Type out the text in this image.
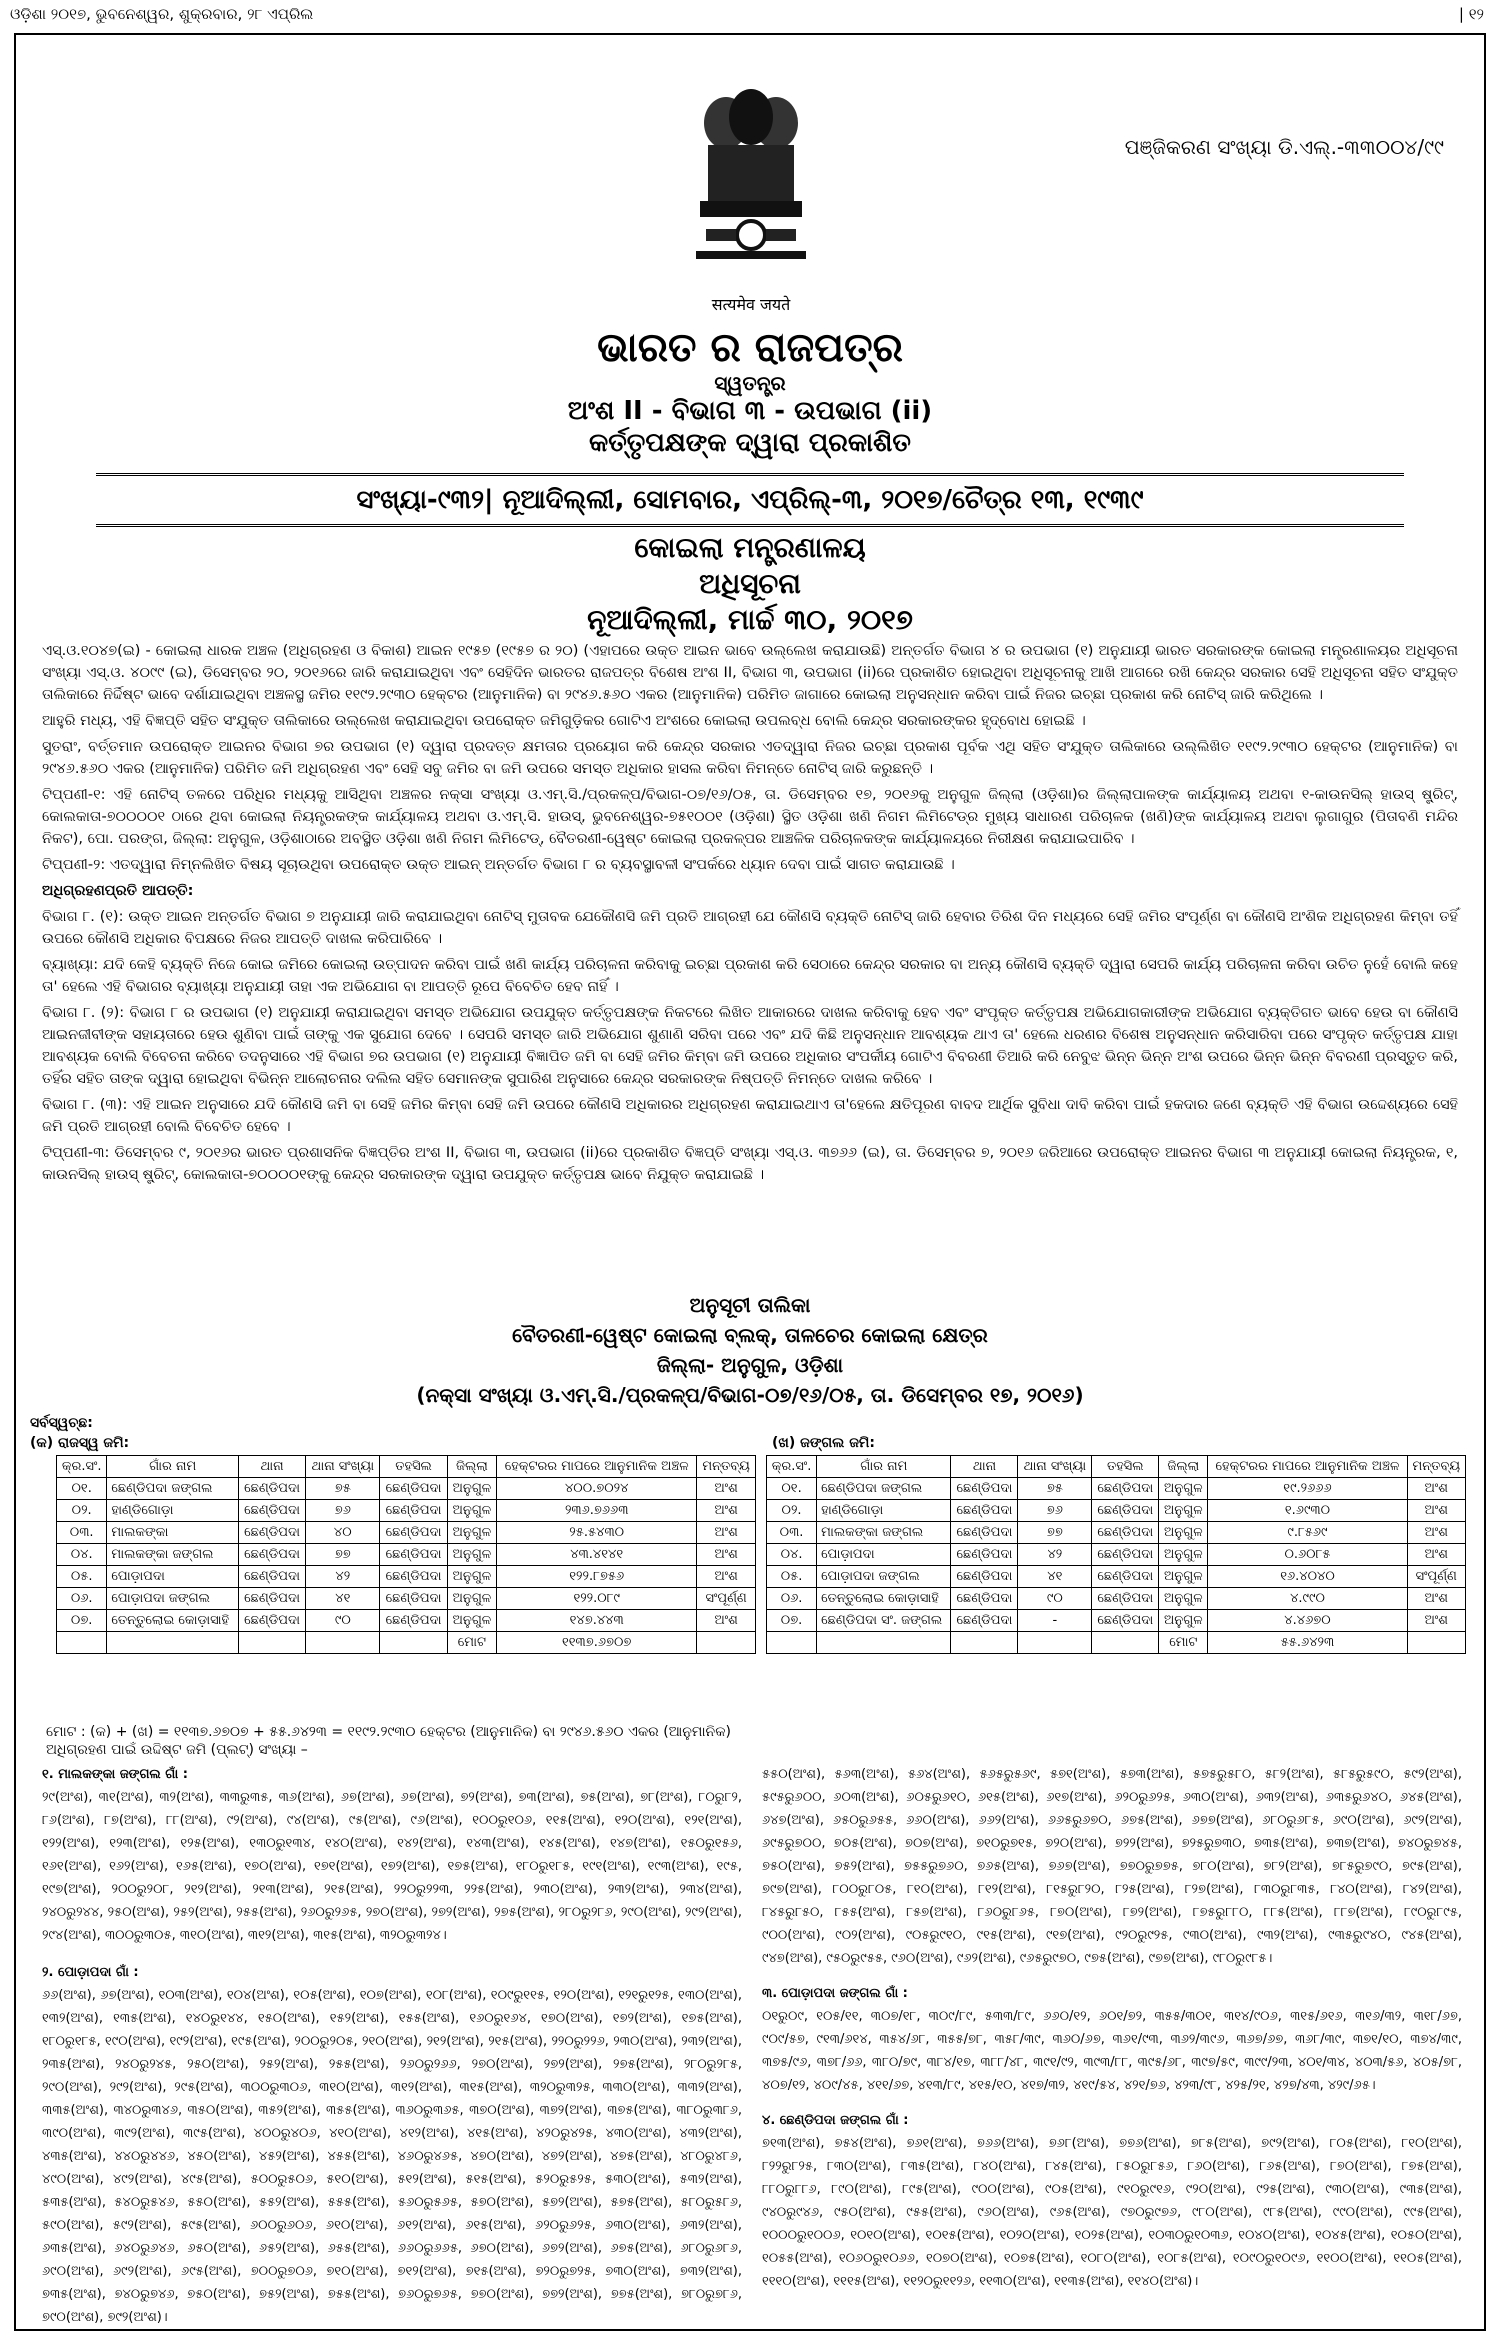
ଓଡ଼ିଶା ୨୦୧୭, ଭୁବନେଶ୍ୱର, ଶୁକ୍ରବାର, ୨୮ ଏପ୍ରିଲ	| ୧୨
सत्यमेव जयते
ପଞ୍ଜିକରଣ ସଂଖ୍ୟା ଡି.ଏଲ୍.-୩୩୦୦୪/୯୯
ଭାରତ ର ରାଜପତ୍ର
ସ୍ୱତନ୍ତ୍ର
ଅଂଶ II - ବିଭାଗ ୩ - ଉପଭାଗ (ii)
କର୍ତ୍ତୃପକ୍ଷଙ୍କ ଦ୍ୱାରା ପ୍ରକାଶିତ
ସଂଖ୍ୟା-୯୩୨| ନୂଆଦିଲ୍ଲୀ, ସୋମବାର, ଏପ୍ରିଲ୍-୩, ୨୦୧୭/ଚୈତ୍ର ୧୩, ୧୯୩୯
କୋଇଲା ମନ୍ତ୍ରଣାଳୟ
ଅଧିସୂଚନା
ନୂଆଦିଲ୍ଲୀ, ମାର୍ଚ୍ଚ ୩୦, ୨୦୧୭

ଏସ୍.ଓ.୧୦୪୭(ଇ) - କୋଇଲା ଧାରକ ଅଞ୍ଚଳ (ଅଧିଗ୍ରହଣ ଓ ବିକାଶ) ଆଇନ ୧୯୫୭ (୧୯୫୭ ର ୨୦) (ଏହାପରେ ଉକ୍ତ ଆଇନ ଭାବେ ଉଲ୍ଲେଖ କରାଯାଉଛି) ଅନ୍ତର୍ଗତ ବିଭାଗ ୪ ର ଉପଭାଗ (୧) ଅନୁଯାୟୀ ଭାରତ ସରକାରଙ୍କ କୋଇଲା ମନ୍ତ୍ରଣାଳୟର ଅଧିସୂଚନା ସଂଖ୍ୟା ଏସ୍.ଓ. ୪୦୯୯ (ଇ), ଡିସେମ୍ବର ୨୦, ୨୦୧୬ରେ ଜାରି କରାଯାଇଥିବା ଏବଂ ସେହିଦିନ ଭାରତର ରାଜପତ୍ର ବିଶେଷ ଅଂଶ II, ବିଭାଗ ୩, ଉପଭାଗ (ii)ରେ ପ୍ରକାଶିତ ହୋଇଥିବା ଅଧିସୂଚନାକୁ ଆଖି ଆଗରେ ରଖି କେନ୍ଦ୍ର ସରକାର ସେହି ଅଧିସୂଚନା ସହିତ ସଂଯୁକ୍ତ ତାଲିକାରେ ନିର୍ଦ୍ଦିଷ୍ଟ ଭାବେ ଦର୍ଶାଯାଇଥିବା ଅଞ୍ଚଳସ୍ଥ ଜମିର ୧୧୯୨.୨୯୩୦ ହେକ୍ଟର (ଆନୁମାନିକ) ବା ୨୯୪୬.୫୬୦ ଏକର (ଆନୁମାନିକ) ପରିମିତ ଜାଗାରେ କୋଇଲା ଅନୁସନ୍ଧାନ କରିବା ପାଇଁ ନିଜର ଇଚ୍ଛା ପ୍ରକାଶ କରି ନୋଟିସ୍ ଜାରି କରିଥିଲେ ।

ଆହୁରି ମଧ୍ୟ, ଏହି ବିଜ୍ଞପ୍ତି ସହିତ ସଂଯୁକ୍ତ ତାଲିକାରେ ଉଲ୍ଲେଖ କରାଯାଇଥିବା ଉପରୋକ୍ତ ଜମିଗୁଡ଼ିକର ଗୋଟିଏ ଅଂଶରେ କୋଇଲା ଉପଲବ୍ଧ ବୋଲି କେନ୍ଦ୍ର ସରକାରଙ୍କର ହୃଦ୍‌ବୋଧ ହୋଇଛି ।

ସୁତରାଂ, ବର୍ତ୍ତମାନ ଉପରୋକ୍ତ ଆଇନର ବିଭାଗ ୭ର ଉପଭାଗ (୧) ଦ୍ୱାରା ପ୍ରଦତ୍ତ କ୍ଷମତାର ପ୍ରୟୋଗ କରି କେନ୍ଦ୍ର ସରକାର ଏତଦ୍ୱାରା ନିଜର ଇଚ୍ଛା ପ୍ରକାଶ ପୂର୍ବକ ଏଥି ସହିତ ସଂଯୁକ୍ତ ତାଲିକାରେ ଉଲ୍ଲିଖିତ ୧୧୯୨.୨୯୩୦ ହେକ୍ଟର (ଆନୁମାନିକ) ବା ୨୯୪୬.୫୬୦ ଏକର (ଆନୁମାନିକ) ପରିମିତ ଜମି ଅଧିଗ୍ରହଣ ଏବଂ ସେହି ସବୁ ଜମିର ବା ଜମି ଉପରେ ସମସ୍ତ ଅଧିକାର ହାସଲ କରିବା ନିମନ୍ତେ ନୋଟିସ୍ ଜାରି କରୁଛନ୍ତି ।

ଟିପ୍ପଣୀ-୧: ଏହି ନୋଟିସ୍ ତଳରେ ପରିଧିର ମଧ୍ୟକୁ ଆସିଥିବା ଅଞ୍ଚଳର ନକ୍ସା ସଂଖ୍ୟା ଓ.ଏମ୍.ସି./ପ୍ରକଳ୍ପ/ବିଭାଗ-୦୭/୧୬/୦୫, ତା. ଡିସେମ୍ବର ୧୭, ୨୦୧୬କୁ ଅନୁଗୁଳ ଜିଲ୍ଲା (ଓଡ଼ିଶା)ର ଜିଲ୍ଲାପାଳଙ୍କ କାର୍ଯ୍ୟାଳୟ ଅଥବା ୧-କାଉନସିଲ୍ ହାଉସ୍ ଷ୍ଟ୍ରିଟ୍, କୋଲକାତା-୭୦୦୦୦୧ ଠାରେ ଥିବା କୋଇଲା ନିୟନ୍ତ୍ରକଙ୍କ କାର୍ଯ୍ୟାଳୟ ଅଥବା ଓ.ଏମ୍.ସି. ହାଉସ୍, ଭୁବନେଶ୍ୱର-୭୫୧୦୦୧ (ଓଡ଼ିଶା) ସ୍ଥିତ ଓଡ଼ିଶା ଖଣି ନିଗମ ଲିମିଟେଡ୍ର ମୁଖ୍ୟ ସାଧାରଣ ପରିଚାଳକ (ଖଣି)ଙ୍କ କାର୍ଯ୍ୟାଳୟ ଅଥବା ଲୁଗାଗୁର (ପିତାବଣି ମନ୍ଦିର ନିକଟ), ପୋ. ପରଙ୍ଗ, ଜିଲ୍ଲା: ଅନୁଗୁଳ, ଓଡ଼ିଶାଠାରେ ଅବସ୍ଥିତ ଓଡ଼ିଶା ଖଣି ନିଗମ ଲିମିଟେଡ୍, ବୈତରଣୀ-ୱେଷ୍ଟ କୋଇଲା ପ୍ରକଳ୍ପର ଆଞ୍ଚଳିକ ପରିଚାଳକଙ୍କ କାର୍ଯ୍ୟାଳୟରେ ନିରୀକ୍ଷଣ କରାଯାଇପାରିବ ।

ଟିପ୍ପଣୀ-୨: ଏତଦ୍ୱାରା ନିମ୍ନଲିଖିତ ବିଷୟ ସୂଚାଉଥିବା ଉପରୋକ୍ତ ଉକ୍ତ ଆଇନ୍ ଅନ୍ତର୍ଗତ ବିଭାଗ ୮ ର ବ୍ୟବସ୍ଥାବଳୀ ସଂପର୍କରେ ଧ୍ୟାନ ଦେବା ପାଇଁ ସାଗତ କରାଯାଉଛି ।

ଅଧିଗ୍ରହଣପ୍ରତି ଆପତ୍ତି:

ବିଭାଗ ୮. (୧): ଉକ୍ତ ଆଇନ ଅନ୍ତର୍ଗତ ବିଭାଗ ୭ ଅନୁଯାୟୀ ଜାରି କରାଯାଇଥିବା ନୋଟିସ୍ ମୁତାବକ ଯେକୌଣସି ଜମି ପ୍ରତି ଆଗ୍ରହୀ ଯେ କୌଣସି ବ୍ୟକ୍ତି ନୋଟିସ୍ ଜାରି ହେବାର ତିରିଶ ଦିନ ମଧ୍ୟରେ ସେହି ଜମିର ସଂପୂର୍ଣ୍ଣ ବା କୌଣସି ଅଂଶିକ ଅଧିଗ୍ରହଣ କିମ୍ବା ତହିଁ ଉପରେ କୌଣସି ଅଧିକାର ବିପକ୍ଷରେ ନିଜର ଆପତ୍ତି ଦାଖଲ କରିପାରିବେ ।

ବ୍ୟାଖ୍ୟା: ଯଦି କେହି ବ୍ୟକ୍ତି ନିଜେ କୋଇ ଜମିରେ କୋଇଲା ଉତ୍ପାଦନ କରିବା ପାଇଁ ଖଣି କାର୍ଯ୍ୟ ପରିଚାଳନା କରିବାକୁ ଇଚ୍ଛା ପ୍ରକାଶ କରି ସେଠାରେ କେନ୍ଦ୍ର ସରକାର ବା ଅନ୍ୟ କୌଣସି ବ୍ୟକ୍ତି ଦ୍ୱାରା ସେପରି କାର୍ଯ୍ୟ ପରିଚାଳନା କରିବା ଉଚିତ ନୁହେଁ ବୋଲି କହେ ତା' ହେଲେ ଏହି ବିଭାଗର ବ୍ୟାଖ୍ୟା ଅନୁଯାୟୀ ତାହା ଏକ ଅଭିଯୋଗ ବା ଆପତ୍ତି ରୂପେ ବିବେଚିତ ହେବ ନାହିଁ ।

ବିଭାଗ ୮. (୨): ବିଭାଗ ୮ ର ଉପଭାଗ (୧) ଅନୁଯାୟୀ କରାଯାଇଥିବା ସମସ୍ତ ଅଭିଯୋଗ ଉପଯୁକ୍ତ କର୍ତ୍ତୃପକ୍ଷଙ୍କ ନିକଟରେ ଲିଖିତ ଆକାରରେ ଦାଖଲ କରିବାକୁ ହେବ ଏବଂ ସଂପୃକ୍ତ କର୍ତ୍ତୃପକ୍ଷ ଅଭିଯୋଗକାରୀଙ୍କ ଅଭିଯୋଗ ବ୍ୟକ୍ତିଗତ ଭାବେ ହେଉ ବା କୌଣସି ଆଇନଜୀବୀଙ୍କ ସହାୟତାରେ ହେଉ ଶୁଣିବା ପାଇଁ ତାଙ୍କୁ ଏକ ସୁଯୋଗ ଦେବେ । ସେପରି ସମସ୍ତ ଜାରି ଅଭିଯୋଗ ଶୁଣାଣି ସରିବା ପରେ ଏବଂ ଯଦି କିଛି ଅନୁସନ୍ଧାନ ଆବଶ୍ୟକ ଥାଏ ତା' ହେଲେ ଧରଣର ବିଶେଷ ଅନୁସନ୍ଧାନ କରିସାରିବା ପରେ ସଂପୃକ୍ତ କର୍ତ୍ତୃପକ୍ଷ ଯାହା ଆବଶ୍ୟକ ବୋଲି ବିବେଚନା କରିବେ ତଦନୁସାରେ ଏହି ବିଭାଗ ୭ର ଉପଭାଗ (୧) ଅନୁଯାୟୀ ବିଜ୍ଞାପିତ ଜମି ବା ସେହି ଜମିର କିମ୍ବା ଜମି ଉପରେ ଅଧିକାର ସଂପର୍କୀୟ ଗୋଟିଏ ବିବରଣୀ ତିଆରି କରି ନେବୁଝ ଭିନ୍ନ ଭିନ୍ନ ଅଂଶ ଉପରେ ଭିନ୍ନ ଭିନ୍ନ ବିବରଣୀ ପ୍ରସ୍ତୁତ କରି, ତହିଁର ସହିତ ତାଙ୍କ ଦ୍ୱାରା ହୋଇଥିବା ବିଭିନ୍ନ ଆଲୋଚନାର ଦଲିଲ ସହିତ ସେମାନଙ୍କ ସୁପାରିଶ ଅନୁସାରେ କେନ୍ଦ୍ର ସରକାରଙ୍କ ନିଷ୍ପତ୍ତି ନିମନ୍ତେ ଦାଖଲ କରିବେ ।

ବିଭାଗ ୮. (୩): ଏହି ଆଇନ ଅନୁସାରେ ଯଦି କୌଣସି ଜମି ବା ସେହି ଜମିର କିମ୍ବା ସେହି ଜମି ଉପରେ କୌଣସି ଅଧିକାରର ଅଧିଗ୍ରହଣ କରାଯାଇଥାଏ ତା'ହେଲେ କ୍ଷତିପୂରଣ ବାବଦ ଆର୍ଥିକ ସୁବିଧା ଦାବି କରିବା ପାଇଁ ହକଦାର ଜଣେ ବ୍ୟକ୍ତି ଏହି ବିଭାଗ ଉଦ୍ଦେଶ୍ୟରେ ସେହି ଜମି ପ୍ରତି ଆଗ୍ରହୀ ବୋଲି ବିବେଚିତ ହେବେ ।

ଟିପ୍ପଣୀ-୩: ଡିସେମ୍ବର ୯, ୨୦୧୬ର ଭାରତ ପ୍ରଶାସନିକ ବିଜ୍ଞପ୍ତିର ଅଂଶ II, ବିଭାଗ ୩, ଉପଭାଗ (ii)ରେ ପ୍ରକାଶିତ ବିଜ୍ଞପ୍ତି ସଂଖ୍ୟା ଏସ୍.ଓ. ୩୭୬୬ (ଇ), ତା. ଡିସେମ୍ବର ୭, ୨୦୧୬ ଜରିଆରେ ଉପରୋକ୍ତ ଆଇନର ବିଭାଗ ୩ ଅନୁଯାୟୀ କୋଇଲା ନିୟନ୍ତ୍ରକ, ୧, କାଉନସିଲ୍ ହାଉସ୍ ଷ୍ଟ୍ରିଟ୍, କୋଲକାତା-୭୦୦୦୦୧ଙ୍କୁ କେନ୍ଦ୍ର ସରକାରଙ୍କ ଦ୍ୱାରା ଉପଯୁକ୍ତ କର୍ତ୍ତୃପକ୍ଷ ଭାବେ ନିଯୁକ୍ତ କରାଯାଇଛି ।

ଅନୁସୂଚୀ ତାଲିକା
ବୈତରଣୀ-ୱେଷ୍ଟ କୋଇଲା ବ୍ଲକ୍, ତାଳଚେର କୋଇଲା କ୍ଷେତ୍ର
ଜିଲ୍ଲା- ଅନୁଗୁଳ, ଓଡ଼ିଶା
(ନକ୍ସା ସଂଖ୍ୟା ଓ.ଏମ୍.ସି./ପ୍ରକଳ୍ପ/ବିଭାଗ-୦୭/୧୬/୦୫, ତା. ଡିସେମ୍ବର ୧୭, ୨୦୧୬)
ସର୍ବସ୍ୱଚ୍ଛ:
(କ) ରାଜସ୍ୱ ଜମି:	(ଖ) ଜଙ୍ଗଲ ଜମି:
କ୍ର.ସଂ.	ଗାଁର ନାମ	ଥାନା	ଥାନା ସଂଖ୍ୟା	ତହସିଲ	ଜିଲ୍ଲା	ହେକ୍ଟରର ମାପରେ ଆନୁମାନିକ ଅଞ୍ଚଳ	ମନ୍ତବ୍ୟ
୦୧.	ଛେଣ୍ଡିପଦା ଜଙ୍ଗଲ	ଛେଣ୍ଡିପଦା	୭୫	ଛେଣ୍ଡିପଦା	ଅନୁଗୁଳ	୪୦୦.୭୦୨୪	ଅଂଶ
୦୨.	ହାଣ୍ଡିଗୋଡ଼ା	ଛେଣ୍ଡିପଦା	୭୬	ଛେଣ୍ଡିପଦା	ଅନୁଗୁଳ	୨୩୬.୭୬୬୩	ଅଂଶ
୦୩.	ମାଲକଙ୍କା	ଛେଣ୍ଡିପଦା	୪୦	ଛେଣ୍ଡିପଦା	ଅନୁଗୁଳ	୨୫.୫୪୩୦	ଅଂଶ
୦୪.	ମାଲକଙ୍କା ଜଙ୍ଗଲ	ଛେଣ୍ଡିପଦା	୭୭	ଛେଣ୍ଡିପଦା	ଅନୁଗୁଳ	୪୩.୪୧୪୧	ଅଂଶ
୦୫.	ପୋଡ଼ାପଦା	ଛେଣ୍ଡିପଦା	୪୨	ଛେଣ୍ଡିପଦା	ଅନୁଗୁଳ	୧୨୨.୮୭୫୬	ଅଂଶ
୦୬.	ପୋଡ଼ାପଦା ଜଙ୍ଗଲ	ଛେଣ୍ଡିପଦା	୪୧	ଛେଣ୍ଡିପଦା	ଅନୁଗୁଳ	୧୨୨.୦୮୯	ସଂପୂର୍ଣ୍ଣ
୦୭.	ତେନ୍ତୁଲୋଇ କୋଡ଼ାସାହି	ଛେଣ୍ଡିପଦା	୯୦	ଛେଣ୍ଡିପଦା	ଅନୁଗୁଳ	୧୪୭.୪୪୩	ଅଂଶ
					ମୋଟ	୧୧୩୭.୬୭୦୭	
କ୍ର.ସଂ.	ଗାଁର ନାମ	ଥାନା	ଥାନା ସଂଖ୍ୟା	ତହସିଲ	ଜିଲ୍ଲା	ହେକ୍ଟରର ମାପରେ ଆନୁମାନିକ ଅଞ୍ଚଳ	ମନ୍ତବ୍ୟ
୦୧.	ଛେଣ୍ଡିପଦା ଜଙ୍ଗଲ	ଛେଣ୍ଡିପଦା	୭୫	ଛେଣ୍ଡିପଦା	ଅନୁଗୁଳ	୧୯.୨୬୬୬	ଅଂଶ
୦୨.	ହାଣ୍ଡିଗୋଡ଼ା	ଛେଣ୍ଡିପଦା	୭୬	ଛେଣ୍ଡିପଦା	ଅନୁଗୁଳ	୧.୬୯୩୦	ଅଂଶ
୦୩.	ମାଲକଙ୍କା ଜଙ୍ଗଲ	ଛେଣ୍ଡିପଦା	୭୭	ଛେଣ୍ଡିପଦା	ଅନୁଗୁଳ	୯.୮୫୬୯	ଅଂଶ
୦୪.	ପୋଡ଼ାପଦା	ଛେଣ୍ଡିପଦା	୪୨	ଛେଣ୍ଡିପଦା	ଅନୁଗୁଳ	୦.୬୦୮୫	ଅଂଶ
୦୫.	ପୋଡ଼ାପଦା ଜଙ୍ଗଲ	ଛେଣ୍ଡିପଦା	୪୧	ଛେଣ୍ଡିପଦା	ଅନୁଗୁଳ	୧୬.୪୦୪୦	ସଂପୂର୍ଣ୍ଣ
୦୬.	ତେନ୍ତୁଲୋଇ କୋଡ଼ାସାହି	ଛେଣ୍ଡିପଦା	୯୦	ଛେଣ୍ଡିପଦା	ଅନୁଗୁଳ	୪.୯୯୦	ଅଂଶ
୦୭.	ଛେଣ୍ଡିପଦା ସଂ. ଜଙ୍ଗଲ	ଛେଣ୍ଡିପଦା	-	ଛେଣ୍ଡିପଦା	ଅନୁଗୁଳ	୪.୪୬୭୦	ଅଂଶ
					ମୋଟ	୫୫.୬୪୨୩	
ମୋଟ : (କ) + (ଖ) = ୧୧୩୭.୬୭୦୭ + ୫୫.୬୪୨୩ = ୧୧୯୨.୨୯୩୦ ହେକ୍ଟର (ଆନୁମାନିକ) ବା ୨୯୪୬.୫୬୦ ଏକର (ଆନୁମାନିକ)
ଅଧିଗ୍ରହଣ ପାଇଁ ଉଦ୍ଦିଷ୍ଟ ଜମି (ପ୍ଲଟ୍) ସଂଖ୍ୟା –
୧. ମାଲକଙ୍କା ଜଙ୍ଗଲ ଗାଁ :
୨୯(ଅଂଶ), ୩୧(ଅଂଶ), ୩୨(ଅଂଶ), ୩୩ରୁ୩୫, ୩୬(ଅଂଶ), ୬୭(ଅଂଶ), ୬୭(ଅଂଶ), ୭୨(ଅଂଶ), ୭୩(ଅଂଶ), ୭୫(ଅଂଶ), ୭୮(ଅଂଶ), ୮୦ରୁ୮୨, ୮୬(ଅଂଶ), ୮୭(ଅଂଶ), ୮୮(ଅଂଶ), ୯୨(ଅଂଶ), ୯୪(ଅଂଶ), ୯୫(ଅଂଶ), ୯୬(ଅଂଶ), ୧୦୦ରୁ୧୦୬, ୧୧୫(ଅଂଶ), ୧୨୦(ଅଂଶ), ୧୨୧(ଅଂଶ), ୧୨୨(ଅଂଶ), ୧୨୩(ଅଂଶ), ୧୨୫(ଅଂଶ), ୧୩୦ରୁ୧୩୪, ୧୪୦(ଅଂଶ), ୧୪୨(ଅଂଶ), ୧୪୩(ଅଂଶ), ୧୪୫(ଅଂଶ), ୧୪୭(ଅଂଶ), ୧୫୦ରୁ୧୫୬, ୧୬୧(ଅଂଶ), ୧୬୨(ଅଂଶ), ୧୬୫(ଅଂଶ), ୧୭୦(ଅଂଶ), ୧୭୧(ଅଂଶ), ୧୭୨(ଅଂଶ), ୧୭୫(ଅଂଶ), ୧୮୦ରୁ୧୮୫, ୧୯୧(ଅଂଶ), ୧୯୩(ଅଂଶ), ୧୯୫, ୧୯୭(ଅଂଶ), ୨୦୦ରୁ୨୦୮, ୨୧୨(ଅଂଶ), ୨୧୩(ଅଂଶ), ୨୧୫(ଅଂଶ), ୨୨୦ରୁ୨୨୩, ୨୨୫(ଅଂଶ), ୨୩୦(ଅଂଶ), ୨୩୨(ଅଂଶ), ୨୩୪(ଅଂଶ), ୨୪୦ରୁ୨୪୪, ୨୫୦(ଅଂଶ), ୨୫୨(ଅଂଶ), ୨୫୫(ଅଂଶ), ୨୬୦ରୁ୨୬୫, ୨୭୦(ଅଂଶ), ୨୭୨(ଅଂଶ), ୨୭୫(ଅଂଶ), ୨୮୦ରୁ୨୮୬, ୨୯୦(ଅଂଶ), ୨୯୨(ଅଂଶ), ୨୯୪(ଅଂଶ), ୩୦୦ରୁ୩୦୫, ୩୧୦(ଅଂଶ), ୩୧୨(ଅଂଶ), ୩୧୫(ଅଂଶ), ୩୨୦ରୁ୩୨୪।
୨. ପୋଡ଼ାପଦା ଗାଁ :
୬୬(ଅଂଶ), ୬୭(ଅଂଶ), ୧୦୩(ଅଂଶ), ୧୦୪(ଅଂଶ), ୧୦୫(ଅଂଶ), ୧୦୭(ଅଂଶ), ୧୦୮(ଅଂଶ), ୧୦୯ରୁ୧୧୫, ୧୨୦(ଅଂଶ), ୧୨୧ରୁ୧୨୫, ୧୩୦(ଅଂଶ), ୧୩୨(ଅଂଶ), ୧୩୫(ଅଂଶ), ୧୪୦ରୁ୧୪୪, ୧୫୦(ଅଂଶ), ୧୫୨(ଅଂଶ), ୧୫୫(ଅଂଶ), ୧୬୦ରୁ୧୬୪, ୧୭୦(ଅଂଶ), ୧୭୨(ଅଂଶ), ୧୭୫(ଅଂଶ), ୧୮୦ରୁ୧୮୫, ୧୯୦(ଅଂଶ), ୧୯୨(ଅଂଶ), ୧୯୫(ଅଂଶ), ୨୦୦ରୁ୨୦୫, ୨୧୦(ଅଂଶ), ୨୧୨(ଅଂଶ), ୨୧୫(ଅଂଶ), ୨୨୦ରୁ୨୨୬, ୨୩୦(ଅଂଶ), ୨୩୨(ଅଂଶ), ୨୩୫(ଅଂଶ), ୨୪୦ରୁ୨୪୫, ୨୫୦(ଅଂଶ), ୨୫୨(ଅଂଶ), ୨୫୫(ଅଂଶ), ୨୬୦ରୁ୨୬୬, ୨୭୦(ଅଂଶ), ୨୭୨(ଅଂଶ), ୨୭୫(ଅଂଶ), ୨୮୦ରୁ୨୮୫, ୨୯୦(ଅଂଶ), ୨୯୨(ଅଂଶ), ୨୯୫(ଅଂଶ), ୩୦୦ରୁ୩୦୬, ୩୧୦(ଅଂଶ), ୩୧୨(ଅଂଶ), ୩୧୫(ଅଂଶ), ୩୨୦ରୁ୩୨୫, ୩୩୦(ଅଂଶ), ୩୩୨(ଅଂଶ), ୩୩୫(ଅଂଶ), ୩୪୦ରୁ୩୪୬, ୩୫୦(ଅଂଶ), ୩୫୨(ଅଂଶ), ୩୫୫(ଅଂଶ), ୩୬୦ରୁ୩୬୫, ୩୭୦(ଅଂଶ), ୩୭୨(ଅଂଶ), ୩୭୫(ଅଂଶ), ୩୮୦ରୁ୩୮୬, ୩୯୦(ଅଂଶ), ୩୯୨(ଅଂଶ), ୩୯୫(ଅଂଶ), ୪୦୦ରୁ୪୦୬, ୪୧୦(ଅଂଶ), ୪୧୨(ଅଂଶ), ୪୧୫(ଅଂଶ), ୪୨୦ରୁ୪୨୫, ୪୩୦(ଅଂଶ), ୪୩୨(ଅଂଶ), ୪୩୫(ଅଂଶ), ୪୪୦ରୁ୪୪୬, ୪୫୦(ଅଂଶ), ୪୫୨(ଅଂଶ), ୪୫୫(ଅଂଶ), ୪୬୦ରୁ୪୬୫, ୪୭୦(ଅଂଶ), ୪୭୨(ଅଂଶ), ୪୭୫(ଅଂଶ), ୪୮୦ରୁ୪୮୬, ୪୯୦(ଅଂଶ), ୪୯୨(ଅଂଶ), ୪୯୫(ଅଂଶ), ୫୦୦ରୁ୫୦୬, ୫୧୦(ଅଂଶ), ୫୧୨(ଅଂଶ), ୫୧୫(ଅଂଶ), ୫୨୦ରୁ୫୨୫, ୫୩୦(ଅଂଶ), ୫୩୨(ଅଂଶ), ୫୩୫(ଅଂଶ), ୫୪୦ରୁ୫୪୬, ୫୫୦(ଅଂଶ), ୫୫୨(ଅଂଶ), ୫୫୫(ଅଂଶ), ୫୬୦ରୁ୫୬୫, ୫୭୦(ଅଂଶ), ୫୭୨(ଅଂଶ), ୫୭୫(ଅଂଶ), ୫୮୦ରୁ୫୮୬, ୫୯୦(ଅଂଶ), ୫୯୨(ଅଂଶ), ୫୯୫(ଅଂଶ), ୬୦୦ରୁ୬୦୬, ୬୧୦(ଅଂଶ), ୬୧୨(ଅଂଶ), ୬୧୫(ଅଂଶ), ୬୨୦ରୁ୬୨୫, ୬୩୦(ଅଂଶ), ୬୩୨(ଅଂଶ), ୬୩୫(ଅଂଶ), ୬୪୦ରୁ୬୪୬, ୬୫୦(ଅଂଶ), ୬୫୨(ଅଂଶ), ୬୫୫(ଅଂଶ), ୬୬୦ରୁ୬୬୫, ୬୭୦(ଅଂଶ), ୬୭୨(ଅଂଶ), ୬୭୫(ଅଂଶ), ୬୮୦ରୁ୬୮୬, ୬୯୦(ଅଂଶ), ୬୯୨(ଅଂଶ), ୬୯୫(ଅଂଶ), ୭୦୦ରୁ୭୦୬, ୭୧୦(ଅଂଶ), ୭୧୨(ଅଂଶ), ୭୧୫(ଅଂଶ), ୭୨୦ରୁ୭୨୫, ୭୩୦(ଅଂଶ), ୭୩୨(ଅଂଶ), ୭୩୫(ଅଂଶ), ୭୪୦ରୁ୭୪୬, ୭୫୦(ଅଂଶ), ୭୫୨(ଅଂଶ), ୭୫୫(ଅଂଶ), ୭୬୦ରୁ୭୬୫, ୭୭୦(ଅଂଶ), ୭୭୨(ଅଂଶ), ୭୭୫(ଅଂଶ), ୭୮୦ରୁ୭୮୬, ୭୯୦(ଅଂଶ), ୭୯୨(ଅଂଶ)।
୫୫୦(ଅଂଶ), ୫୬୩(ଅଂଶ), ୫୬୪(ଅଂଶ), ୫୬୫ରୁ୫୬୯, ୫୭୧(ଅଂଶ), ୫୭୩(ଅଂଶ), ୫୭୫ରୁ୫୮୦, ୫୮୨(ଅଂଶ), ୫୮୫ରୁ୫୯୦, ୫୯୨(ଅଂଶ), ୫୯୫ରୁ୬୦୦, ୬୦୩(ଅଂଶ), ୬୦୫ରୁ୬୧୦, ୬୧୫(ଅଂଶ), ୬୧୭(ଅଂଶ), ୬୨୦ରୁ୬୨୫, ୬୩୦(ଅଂଶ), ୬୩୨(ଅଂଶ), ୬୩୫ରୁ୬୪୦, ୬୪୫(ଅଂଶ), ୬୪୭(ଅଂଶ), ୬୫୦ରୁ୬୫୫, ୬୬୦(ଅଂଶ), ୬୬୨(ଅଂଶ), ୬୬୫ରୁ୬୭୦, ୬୭୫(ଅଂଶ), ୬୭୭(ଅଂଶ), ୬୮୦ରୁ୬୮୫, ୬୯୦(ଅଂଶ), ୬୯୨(ଅଂଶ), ୬୯୫ରୁ୭୦୦, ୭୦୫(ଅଂଶ), ୭୦୭(ଅଂଶ), ୭୧୦ରୁ୭୧୫, ୭୨୦(ଅଂଶ), ୭୨୨(ଅଂଶ), ୭୨୫ରୁ୭୩୦, ୭୩୫(ଅଂଶ), ୭୩୭(ଅଂଶ), ୭୪୦ରୁ୭୪୫, ୭୫୦(ଅଂଶ), ୭୫୨(ଅଂଶ), ୭୫୫ରୁ୭୬୦, ୭୬୫(ଅଂଶ), ୭୬୭(ଅଂଶ), ୭୭୦ରୁ୭୭୫, ୭୮୦(ଅଂଶ), ୭୮୨(ଅଂଶ), ୭୮୫ରୁ୭୯୦, ୭୯୫(ଅଂଶ), ୭୯୭(ଅଂଶ), ୮୦୦ରୁ୮୦୫, ୮୧୦(ଅଂଶ), ୮୧୨(ଅଂଶ), ୮୧୫ରୁ୮୨୦, ୮୨୫(ଅଂଶ), ୮୨୭(ଅଂଶ), ୮୩୦ରୁ୮୩୫, ୮୪୦(ଅଂଶ), ୮୪୨(ଅଂଶ), ୮୪୫ରୁ୮୫୦, ୮୫୫(ଅଂଶ), ୮୫୭(ଅଂଶ), ୮୬୦ରୁ୮୬୫, ୮୭୦(ଅଂଶ), ୮୭୨(ଅଂଶ), ୮୭୫ରୁ୮୮୦, ୮୮୫(ଅଂଶ), ୮୮୭(ଅଂଶ), ୮୯୦ରୁ୮୯୫, ୯୦୦(ଅଂଶ), ୯୦୨(ଅଂଶ), ୯୦୫ରୁ୯୧୦, ୯୧୫(ଅଂଶ), ୯୧୭(ଅଂଶ), ୯୨୦ରୁ୯୨୫, ୯୩୦(ଅଂଶ), ୯୩୨(ଅଂଶ), ୯୩୫ରୁ୯୪୦, ୯୪୫(ଅଂଶ), ୯୪୭(ଅଂଶ), ୯୫୦ରୁ୯୫୫, ୯୬୦(ଅଂଶ), ୯୬୨(ଅଂଶ), ୯୬୫ରୁ୯୭୦, ୯୭୫(ଅଂଶ), ୯୭୭(ଅଂଶ), ୯୮୦ରୁ୯୮୫।
୩. ପୋଡ଼ାପଦା ଜଙ୍ଗଲ ଗାଁ :
୦୧ରୁ୦୯, ୧୦୫/୧୧, ୩୦୭/୧୮, ୩୦୯/୮୯, ୫୩୩/୮୯, ୬୬୦/୧୨, ୬୦୧/୭୨, ୩୫୫/୩୦୧, ୩୧୪/୯୦୬, ୩୧୫/୬୧୬, ୩୧୬/୩୨, ୩୧୮/୬୭, ୯୦୯/୫୭, ୯୧୩/୬୧୪, ୩୫୪/୬୮, ୩୫୫/୭୮, ୩୫୮/୩୯, ୩୬୦/୬୭, ୩୬୧/୯୩, ୩୬୨/୩୯୬, ୩୬୭/୬୭, ୩୬୮/୩୯, ୩୭୧/୧୦, ୩୭୪/୩୯, ୩୭୫/୯୬, ୩୭୮/୬୬, ୩୮୦/୭୯, ୩୮୪/୧୭, ୩୮୮/୪୮, ୩୯୧/୯୨, ୩୯୩/୮୮, ୩୯୫/୬୮, ୩୯୭/୫୯, ୩୯୯/୨୩, ୪୦୧/୩୪, ୪୦୩/୫୬, ୪୦୫/୭୮, ୪୦୭/୧୨, ୪୦୯/୪୫, ୪୧୧/୬୭, ୪୧୩/୮୯, ୪୧୫/୧୦, ୪୧୭/୩୨, ୪୧୯/୫୪, ୪୨୧/୭୬, ୪୨୩/୯୮, ୪୨୫/୨୧, ୪୨୭/୪୩, ୪୨୯/୬୫।
୪. ଛେଣ୍ଡିପଦା ଜଙ୍ଗଲ ଗାଁ :
୭୧୩(ଅଂଶ), ୭୫୪(ଅଂଶ), ୭୬୧(ଅଂଶ), ୭୬୬(ଅଂଶ), ୭୬୮(ଅଂଶ), ୭୭୬(ଅଂଶ), ୭୮୫(ଅଂଶ), ୭୯୨(ଅଂଶ), ୮୦୫(ଅଂଶ), ୮୧୦(ଅଂଶ), ୮୨୨ରୁ୮୨୫, ୮୩୦(ଅଂଶ), ୮୩୫(ଅଂଶ), ୮୪୦(ଅଂଶ), ୮୪୫(ଅଂଶ), ୮୫୦ରୁ୮୫୬, ୮୬୦(ଅଂଶ), ୮୬୫(ଅଂଶ), ୮୭୦(ଅଂଶ), ୮୭୫(ଅଂଶ), ୮୮୦ରୁ୮୮୬, ୮୯୦(ଅଂଶ), ୮୯୫(ଅଂଶ), ୯୦୦(ଅଂଶ), ୯୦୫(ଅଂଶ), ୯୧୦ରୁ୯୧୬, ୯୨୦(ଅଂଶ), ୯୨୫(ଅଂଶ), ୯୩୦(ଅଂଶ), ୯୩୫(ଅଂଶ), ୯୪୦ରୁ୯୪୬, ୯୫୦(ଅଂଶ), ୯୫୫(ଅଂଶ), ୯୬୦(ଅଂଶ), ୯୬୫(ଅଂଶ), ୯୭୦ରୁ୯୭୬, ୯୮୦(ଅଂଶ), ୯୮୫(ଅଂଶ), ୯୯୦(ଅଂଶ), ୯୯୫(ଅଂଶ), ୧୦୦୦ରୁ୧୦୦୬, ୧୦୧୦(ଅଂଶ), ୧୦୧୫(ଅଂଶ), ୧୦୨୦(ଅଂଶ), ୧୦୨୫(ଅଂଶ), ୧୦୩୦ରୁ୧୦୩୬, ୧୦୪୦(ଅଂଶ), ୧୦୪୫(ଅଂଶ), ୧୦୫୦(ଅଂଶ), ୧୦୫୫(ଅଂଶ), ୧୦୬୦ରୁ୧୦୬୬, ୧୦୭୦(ଅଂଶ), ୧୦୭୫(ଅଂଶ), ୧୦୮୦(ଅଂଶ), ୧୦୮୫(ଅଂଶ), ୧୦୯୦ରୁ୧୦୯୬, ୧୧୦୦(ଅଂଶ), ୧୧୦୫(ଅଂଶ), ୧୧୧୦(ଅଂଶ), ୧୧୧୫(ଅଂଶ), ୧୧୨୦ରୁ୧୧୨୬, ୧୧୩୦(ଅଂଶ), ୧୧୩୫(ଅଂଶ), ୧୧୪୦(ଅଂଶ)।
